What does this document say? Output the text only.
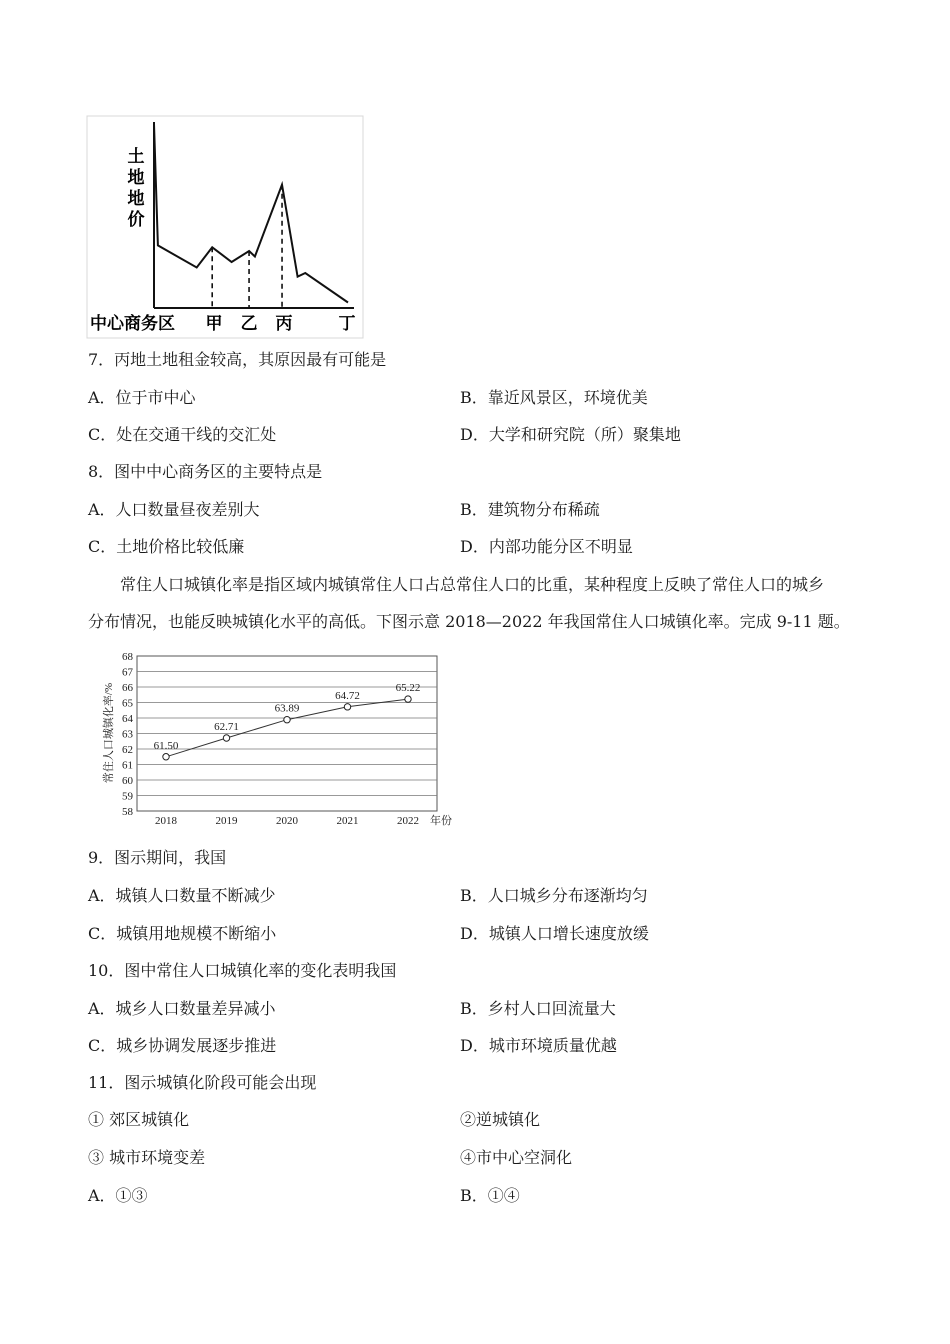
土
地
地
价
中心商务区 甲 乙 丙	丁
7．丙地土地租金较高，其原因最有可能是
A．位于市中心	B．靠近风景区，环境优美
C．处在交通干线的交汇处	D．大学和研究院（所）聚集地
8．图中中心商务区的主要特点是
A．人口数量昼夜差别大	B．建筑物分布稀疏
C．土地价格比较低廉	D．内部功能分区不明显
常住人口城镇化率是指区域内城镇常住人口占总常住人口的比重，某种程度上反映了常住人口的城乡
分布情况，也能反映城镇化水平的高低。下图示意 2018—2022 年我国常住人口城镇化率。完成 9-11 题。
58
59
60
61
62
63
64
65
66
67
68
2018	2019	2020	2021	2022
61.50
62.71
63.89
64.72
65.22
常住人口城镇化率/%
年份
9．图示期间，我国
A．城镇人口数量不断减少	B．人口城乡分布逐渐均匀
C．城镇用地规模不断缩小	D．城镇人口增长速度放缓
10．图中常住人口城镇化率的变化表明我国
A．城乡人口数量差异减小	B．乡村人口回流量大
C．城乡协调发展逐步推进	D．城市环境质量优越
11．图示城镇化阶段可能会出现
① 郊区城镇化	②逆城镇化
③ 城市环境变差	④市中心空洞化
A．①③	B．①④
